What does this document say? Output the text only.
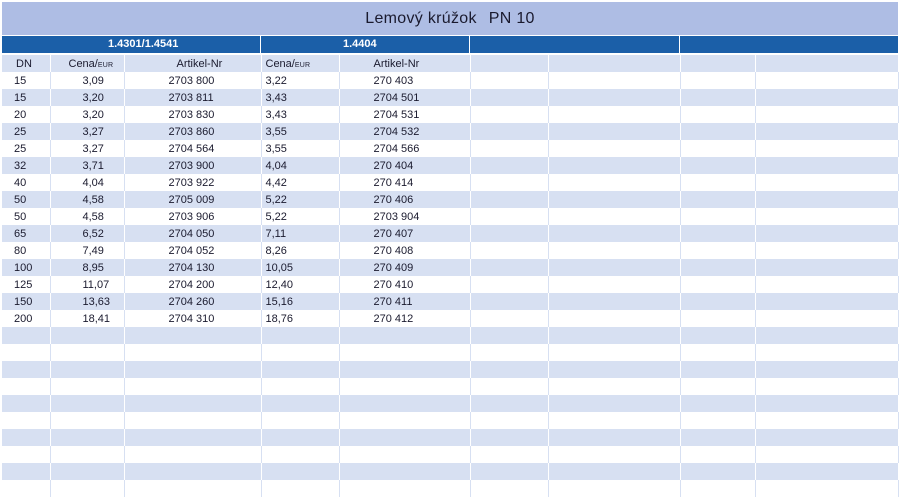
Lemový krúžok PN 10
1.4301/1.4541	1.4404
DN	Cena/EUR	Artikel-Nr	Cena/EUR	Artikel-Nr				
15	3,09	2703 800	3,22	270 403				
15	3,20	2703 811	3,43	2704 501				
20	3,20	2703 830	3,43	2704 531				
25	3,27	2703 860	3,55	2704 532				
25	3,27	2704 564	3,55	2704 566				
32	3,71	2703 900	4,04	270 404				
40	4,04	2703 922	4,42	270 414				
50	4,58	2705 009	5,22	270 406				
50	4,58	2703 906	5,22	2703 904				
65	6,52	2704 050	7,11	270 407				
80	7,49	2704 052	8,26	270 408				
100	8,95	2704 130	10,05	270 409				
125	11,07	2704 200	12,40	270 410				
150	13,63	2704 260	15,16	270 411				
200	18,41	2704 310	18,76	270 412				
